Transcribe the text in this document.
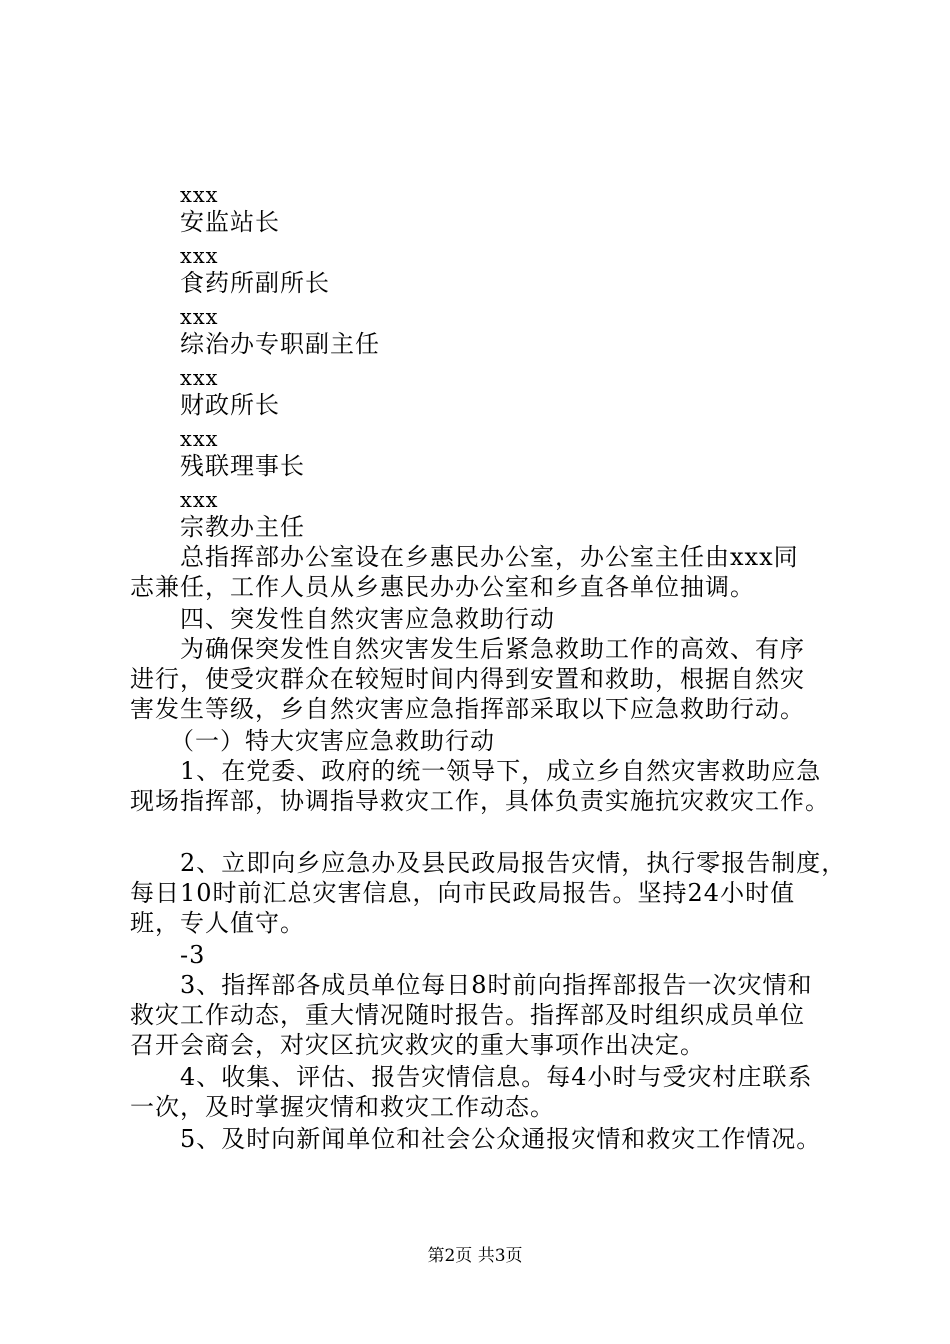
xxx
安监站长
xxx
食药所副所长
xxx
综治办专职副主任
xxx
财政所长
xxx
残联理事长
xxx
宗教办主任
总指挥部办公室设在乡惠民办公室，办公室主任由xxx同
志兼任，工作人员从乡惠民办办公室和乡直各单位抽调。
四、突发性自然灾害应急救助行动
为确保突发性自然灾害发生后紧急救助工作的高效、有序
进行，使受灾群众在较短时间内得到安置和救助，根据自然灾
害发生等级，乡自然灾害应急指挥部采取以下应急救助行动。
（一）特大灾害应急救助行动
1、在党委、政府的统一领导下，成立乡自然灾害救助应急
现场指挥部，协调指导救灾工作，具体负责实施抗灾救灾工作。
2、立即向乡应急办及县民政局报告灾情，执行零报告制度，
每日10时前汇总灾害信息，向市民政局报告。坚持24小时值
班，专人值守。
-3
3、指挥部各成员单位每日8时前向指挥部报告一次灾情和
救灾工作动态，重大情况随时报告。指挥部及时组织成员单位
召开会商会，对灾区抗灾救灾的重大事项作出决定。
4、收集、评估、报告灾情信息。每4小时与受灾村庄联系
一次，及时掌握灾情和救灾工作动态。
5、及时向新闻单位和社会公众通报灾情和救灾工作情况。
第2页 共3页
